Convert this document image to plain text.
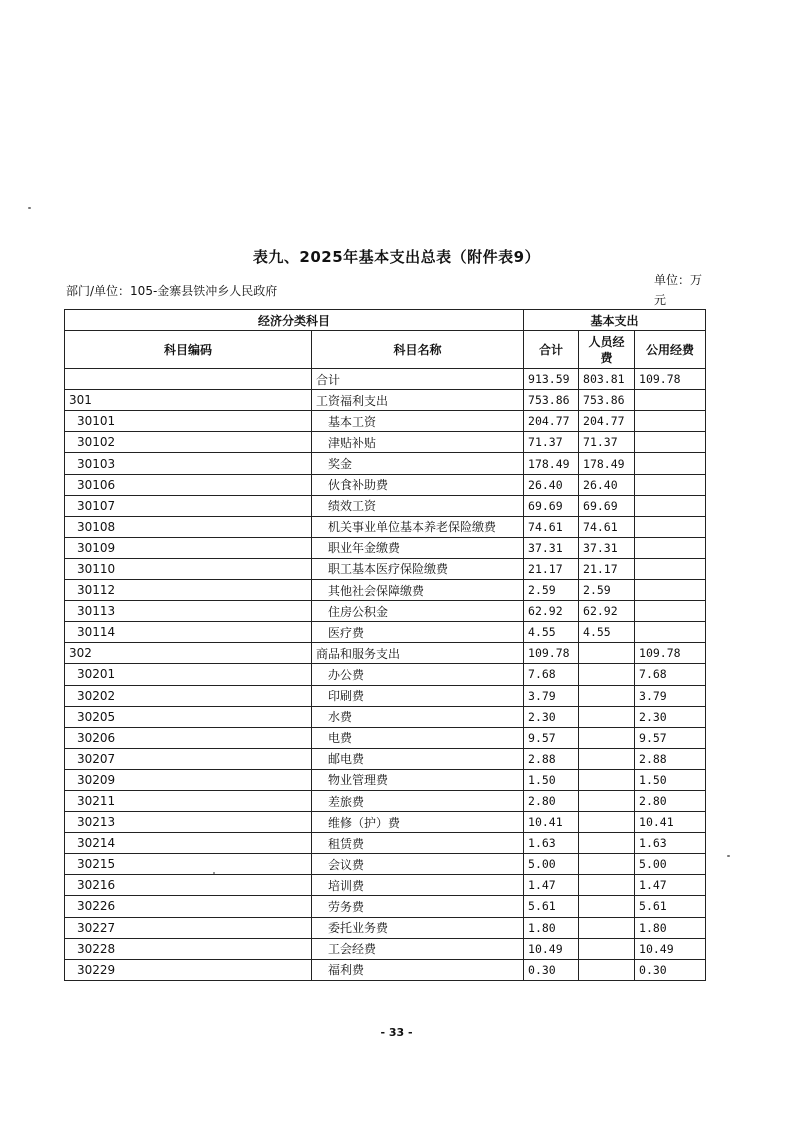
表九、2025年基本支出总表（附件表9）
部门/单位：105-金寨县铁冲乡人民政府
单位：万元
经济分类科目		基本支出		
科目编码	科目名称	合计	人员经费	公用经费
	合计	913.59	803.81	109.78
301	工资福利支出	753.86	753.86	
30101	基本工资	204.77	204.77	
30102	津贴补贴	71.37	71.37	
30103	奖金	178.49	178.49	
30106	伙食补助费	26.40	26.40	
30107	绩效工资	69.69	69.69	
30108	机关事业单位基本养老保险缴费	74.61	74.61	
30109	职业年金缴费	37.31	37.31	
30110	职工基本医疗保险缴费	21.17	21.17	
30112	其他社会保障缴费	2.59	2.59	
30113	住房公积金	62.92	62.92	
30114	医疗费	4.55	4.55	
302	商品和服务支出	109.78		109.78
30201	办公费	7.68		7.68
30202	印刷费	3.79		3.79
30205	水费	2.30		2.30
30206	电费	9.57		9.57
30207	邮电费	2.88		2.88
30209	物业管理费	1.50		1.50
30211	差旅费	2.80		2.80
30213	维修（护）费	10.41		10.41
30214	租赁费	1.63		1.63
30215	会议费	5.00		5.00
30216	培训费	1.47		1.47
30226	劳务费	5.61		5.61
30227	委托业务费	1.80		1.80
30228	工会经费	10.49		10.49
30229	福利费	0.30		0.30
- 33 -
